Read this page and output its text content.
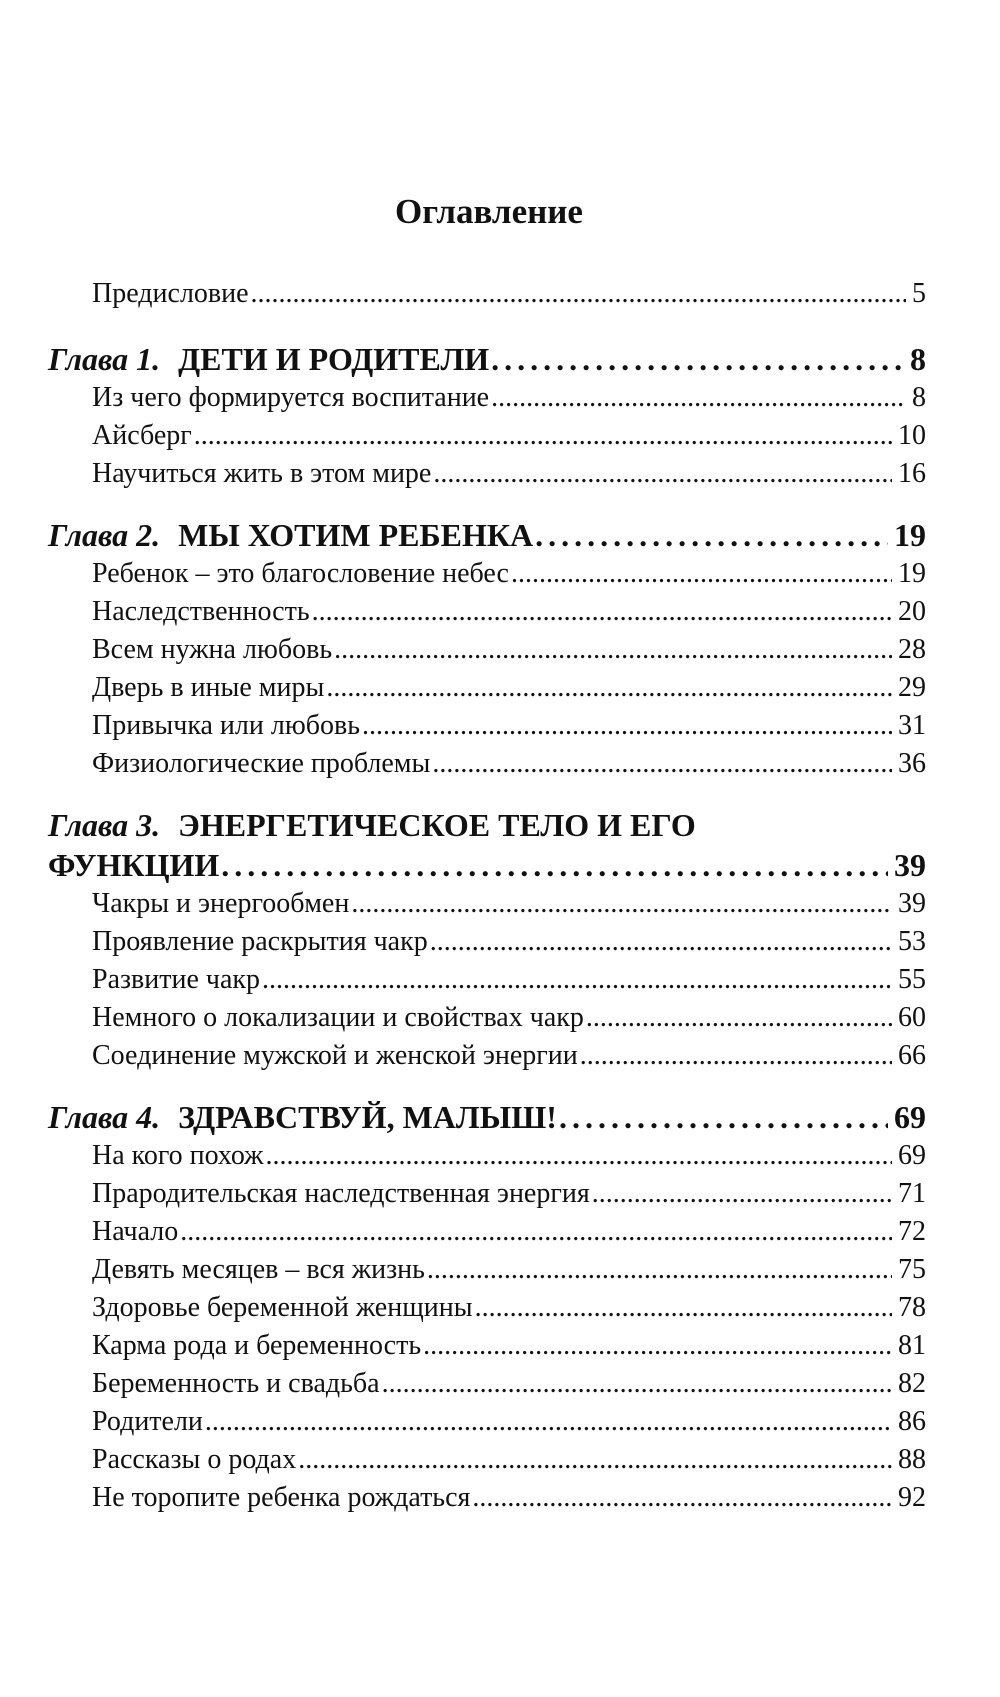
Оглавление
Предисловие . . .	5
Глава 1. ДЕТИ И РОДИТЕЛИ . . .	8
Из чего формируется воспитание . . .	8
Айсберг . . .	10
Научиться жить в этом мире . . .	16
Глава 2. МЫ ХОТИМ РЕБЕНКА . . .	19
Ребенок – это благословение небес . . .	19
Наследственность . . .	20
Всем нужна любовь . . .	28
Дверь в иные миры . . .	29
Привычка или любовь . . .	31
Физиологические проблемы . . .	36
Глава 3. ЭНЕРГЕТИЧЕСКОЕ ТЕЛО И ЕГО
ФУНКЦИИ . . .	39
Чакры и энергообмен . . .	39
Проявление раскрытия чакр . . .	53
Развитие чакр . . .	55
Немного о локализации и свойствах чакр . . .	60
Соединение мужской и женской энергии . . .	66
Глава 4. ЗДРАВСТВУЙ, МАЛЫШ! . . .	69
На кого похож . . .	69
Прародительская наследственная энергия . . .	71
Начало . . .	72
Девять месяцев – вся жизнь . . .	75
Здоровье беременной женщины . . .	78
Карма рода и беременность . . .	81
Беременность и свадьба . . .	82
Родители . . .	86
Рассказы о родах . . .	88
Не торопите ребенка рождаться . . .	92
